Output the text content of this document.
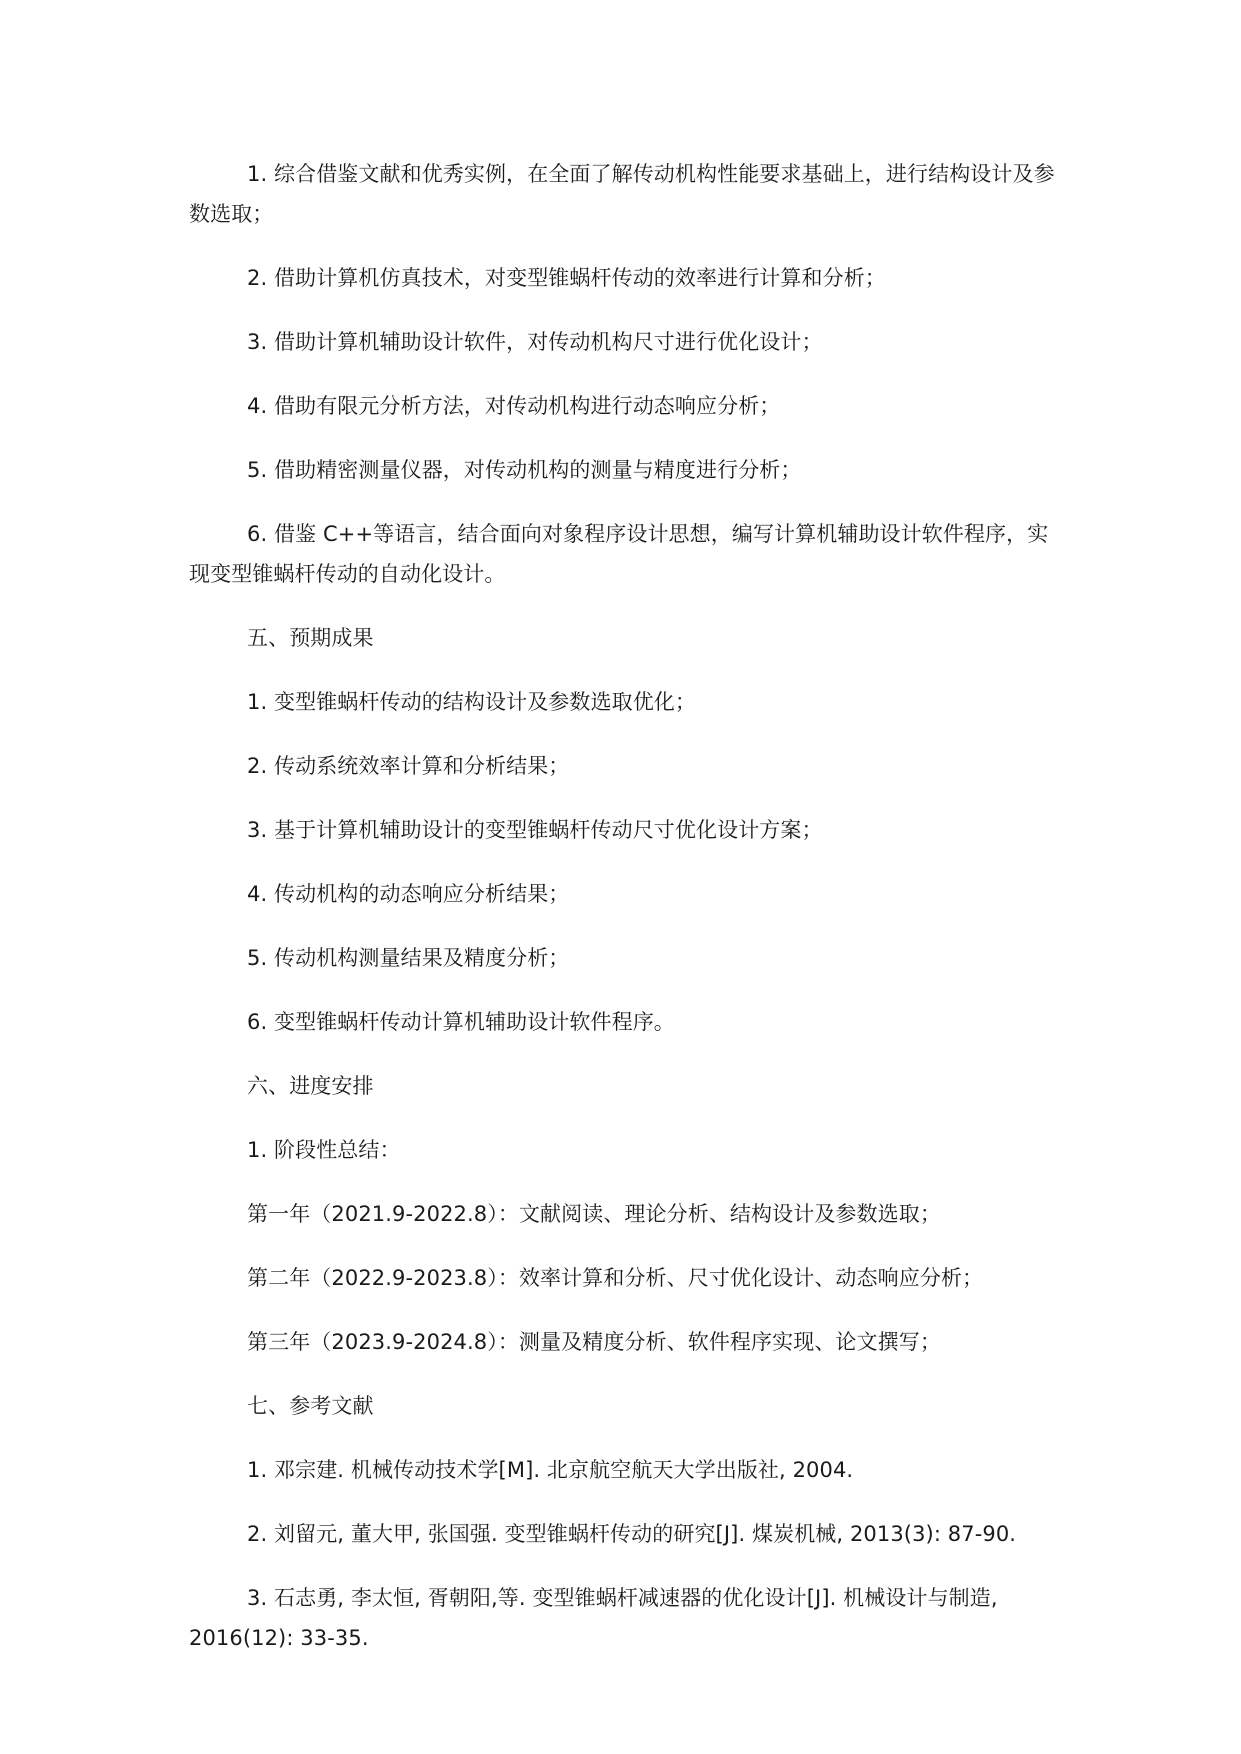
1. 综合借鉴文献和优秀实例，在全面了解传动机构性能要求基础上，进行结构设计及参数选取；

2. 借助计算机仿真技术，对变型锥蜗杆传动的效率进行计算和分析；

3. 借助计算机辅助设计软件，对传动机构尺寸进行优化设计；

4. 借助有限元分析方法，对传动机构进行动态响应分析；

5. 借助精密测量仪器，对传动机构的测量与精度进行分析；

6. 借鉴 C++等语言，结合面向对象程序设计思想，编写计算机辅助设计软件程序，实现变型锥蜗杆传动的自动化设计。

五、预期成果

1. 变型锥蜗杆传动的结构设计及参数选取优化；

2. 传动系统效率计算和分析结果；

3. 基于计算机辅助设计的变型锥蜗杆传动尺寸优化设计方案；

4. 传动机构的动态响应分析结果；

5. 传动机构测量结果及精度分析；

6. 变型锥蜗杆传动计算机辅助设计软件程序。

六、进度安排

1. 阶段性总结：

第一年（2021.9-2022.8）：文献阅读、理论分析、结构设计及参数选取；

第二年（2022.9-2023.8）：效率计算和分析、尺寸优化设计、动态响应分析；

第三年（2023.9-2024.8）：测量及精度分析、软件程序实现、论文撰写；

七、参考文献

1. 邓宗建. 机械传动技术学[M]. 北京航空航天大学出版社, 2004.

2. 刘留元, 董大甲, 张国强. 变型锥蜗杆传动的研究[J]. 煤炭机械, 2013(3): 87-90.

3. 石志勇, 李太恒, 胥朝阳,等. 变型锥蜗杆减速器的优化设计[J]. 机械设计与制造, 2016(12): 33-35.
